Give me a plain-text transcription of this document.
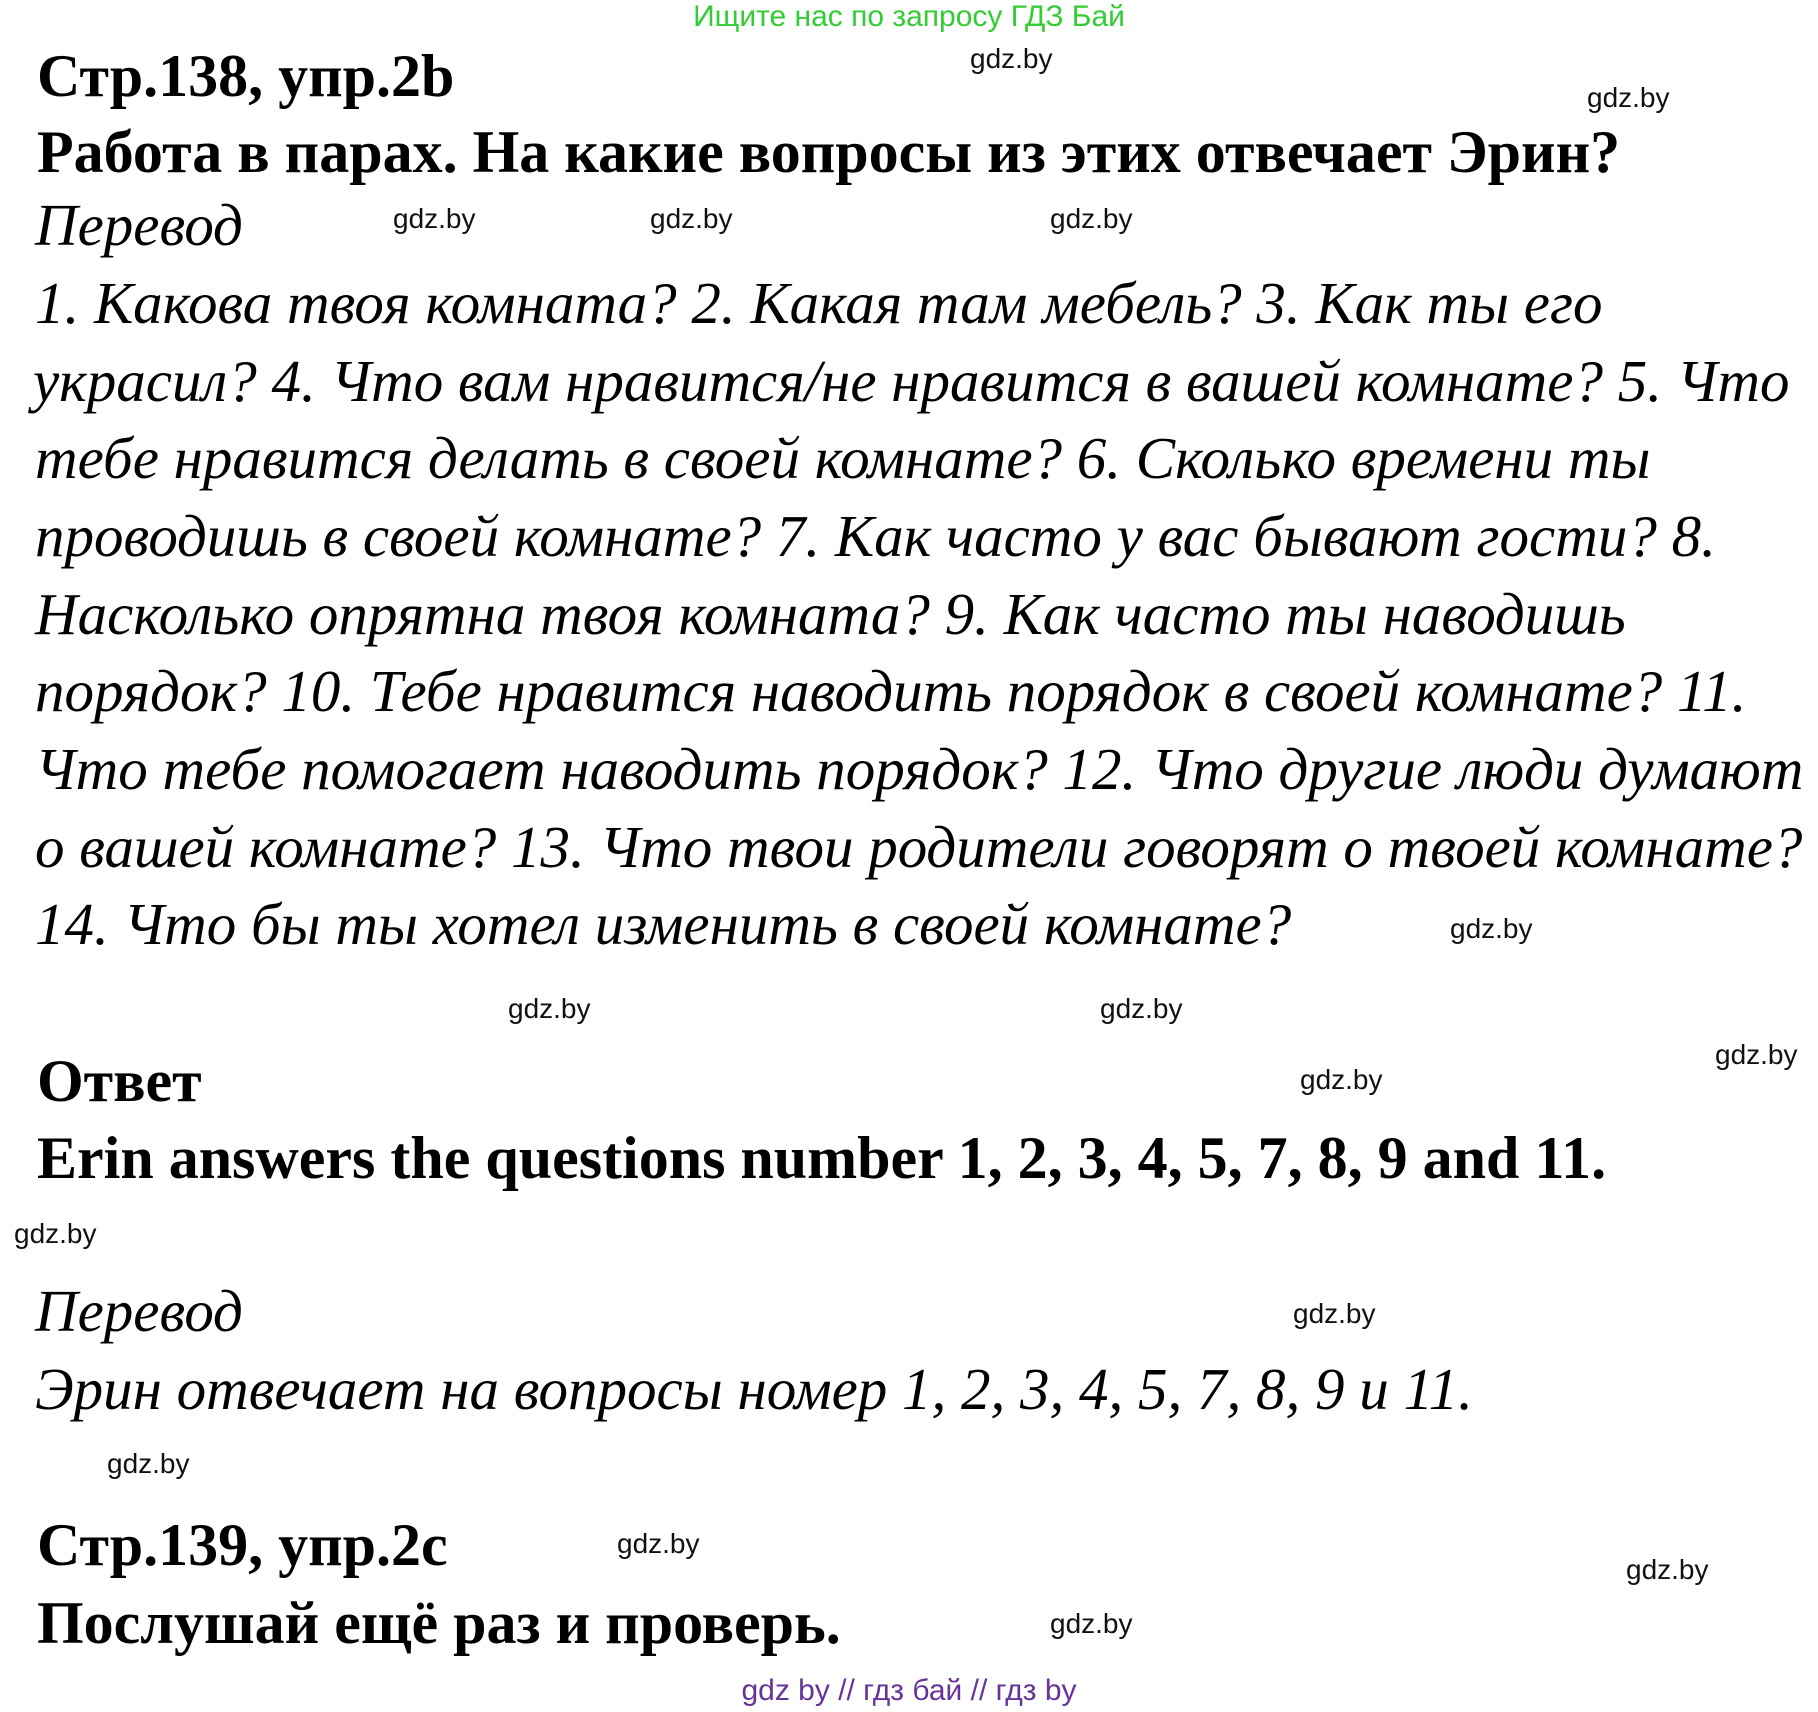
Ищите нас по запросу ГДЗ Бай
Стр.138, упр.2b
Работа в парах. На какие вопросы из этих отвечает Эрин?
Перевод
1. Какова твоя комната? 2. Какая там мебель? 3. Как ты его
украсил? 4. Что вам нравится/не нравится в вашей комнате? 5. Что
тебе нравится делать в своей комнате? 6. Сколько времени ты
проводишь в своей комнате? 7. Как часто у вас бывают гости? 8.
Насколько опрятна твоя комната? 9. Как часто ты наводишь
порядок? 10. Тебе нравится наводить порядок в своей комнате? 11.
Что тебе помогает наводить порядок? 12. Что другие люди думают
о вашей комнате? 13. Что твои родители говорят о твоей комнате?
14. Что бы ты хотел изменить в своей комнате?
Ответ
Erin answers the questions number 1, 2, 3, 4, 5, 7, 8, 9 and 11.
Перевод
Эрин отвечает на вопросы номер 1, 2, 3, 4, 5, 7, 8, 9 и 11.
Стр.139, упр.2c
Послушай ещё раз и проверь.
gdz.by
gdz.by
gdz.by	gdz.by
gdz.by
gdz.by
gdz.by
gdz.by
gdz.by
gdz.by
gdz.by
gdz.by
gdz.by
gdz.by
gdz.by
gdz.by
gdz by // гдз бай // гдз by
